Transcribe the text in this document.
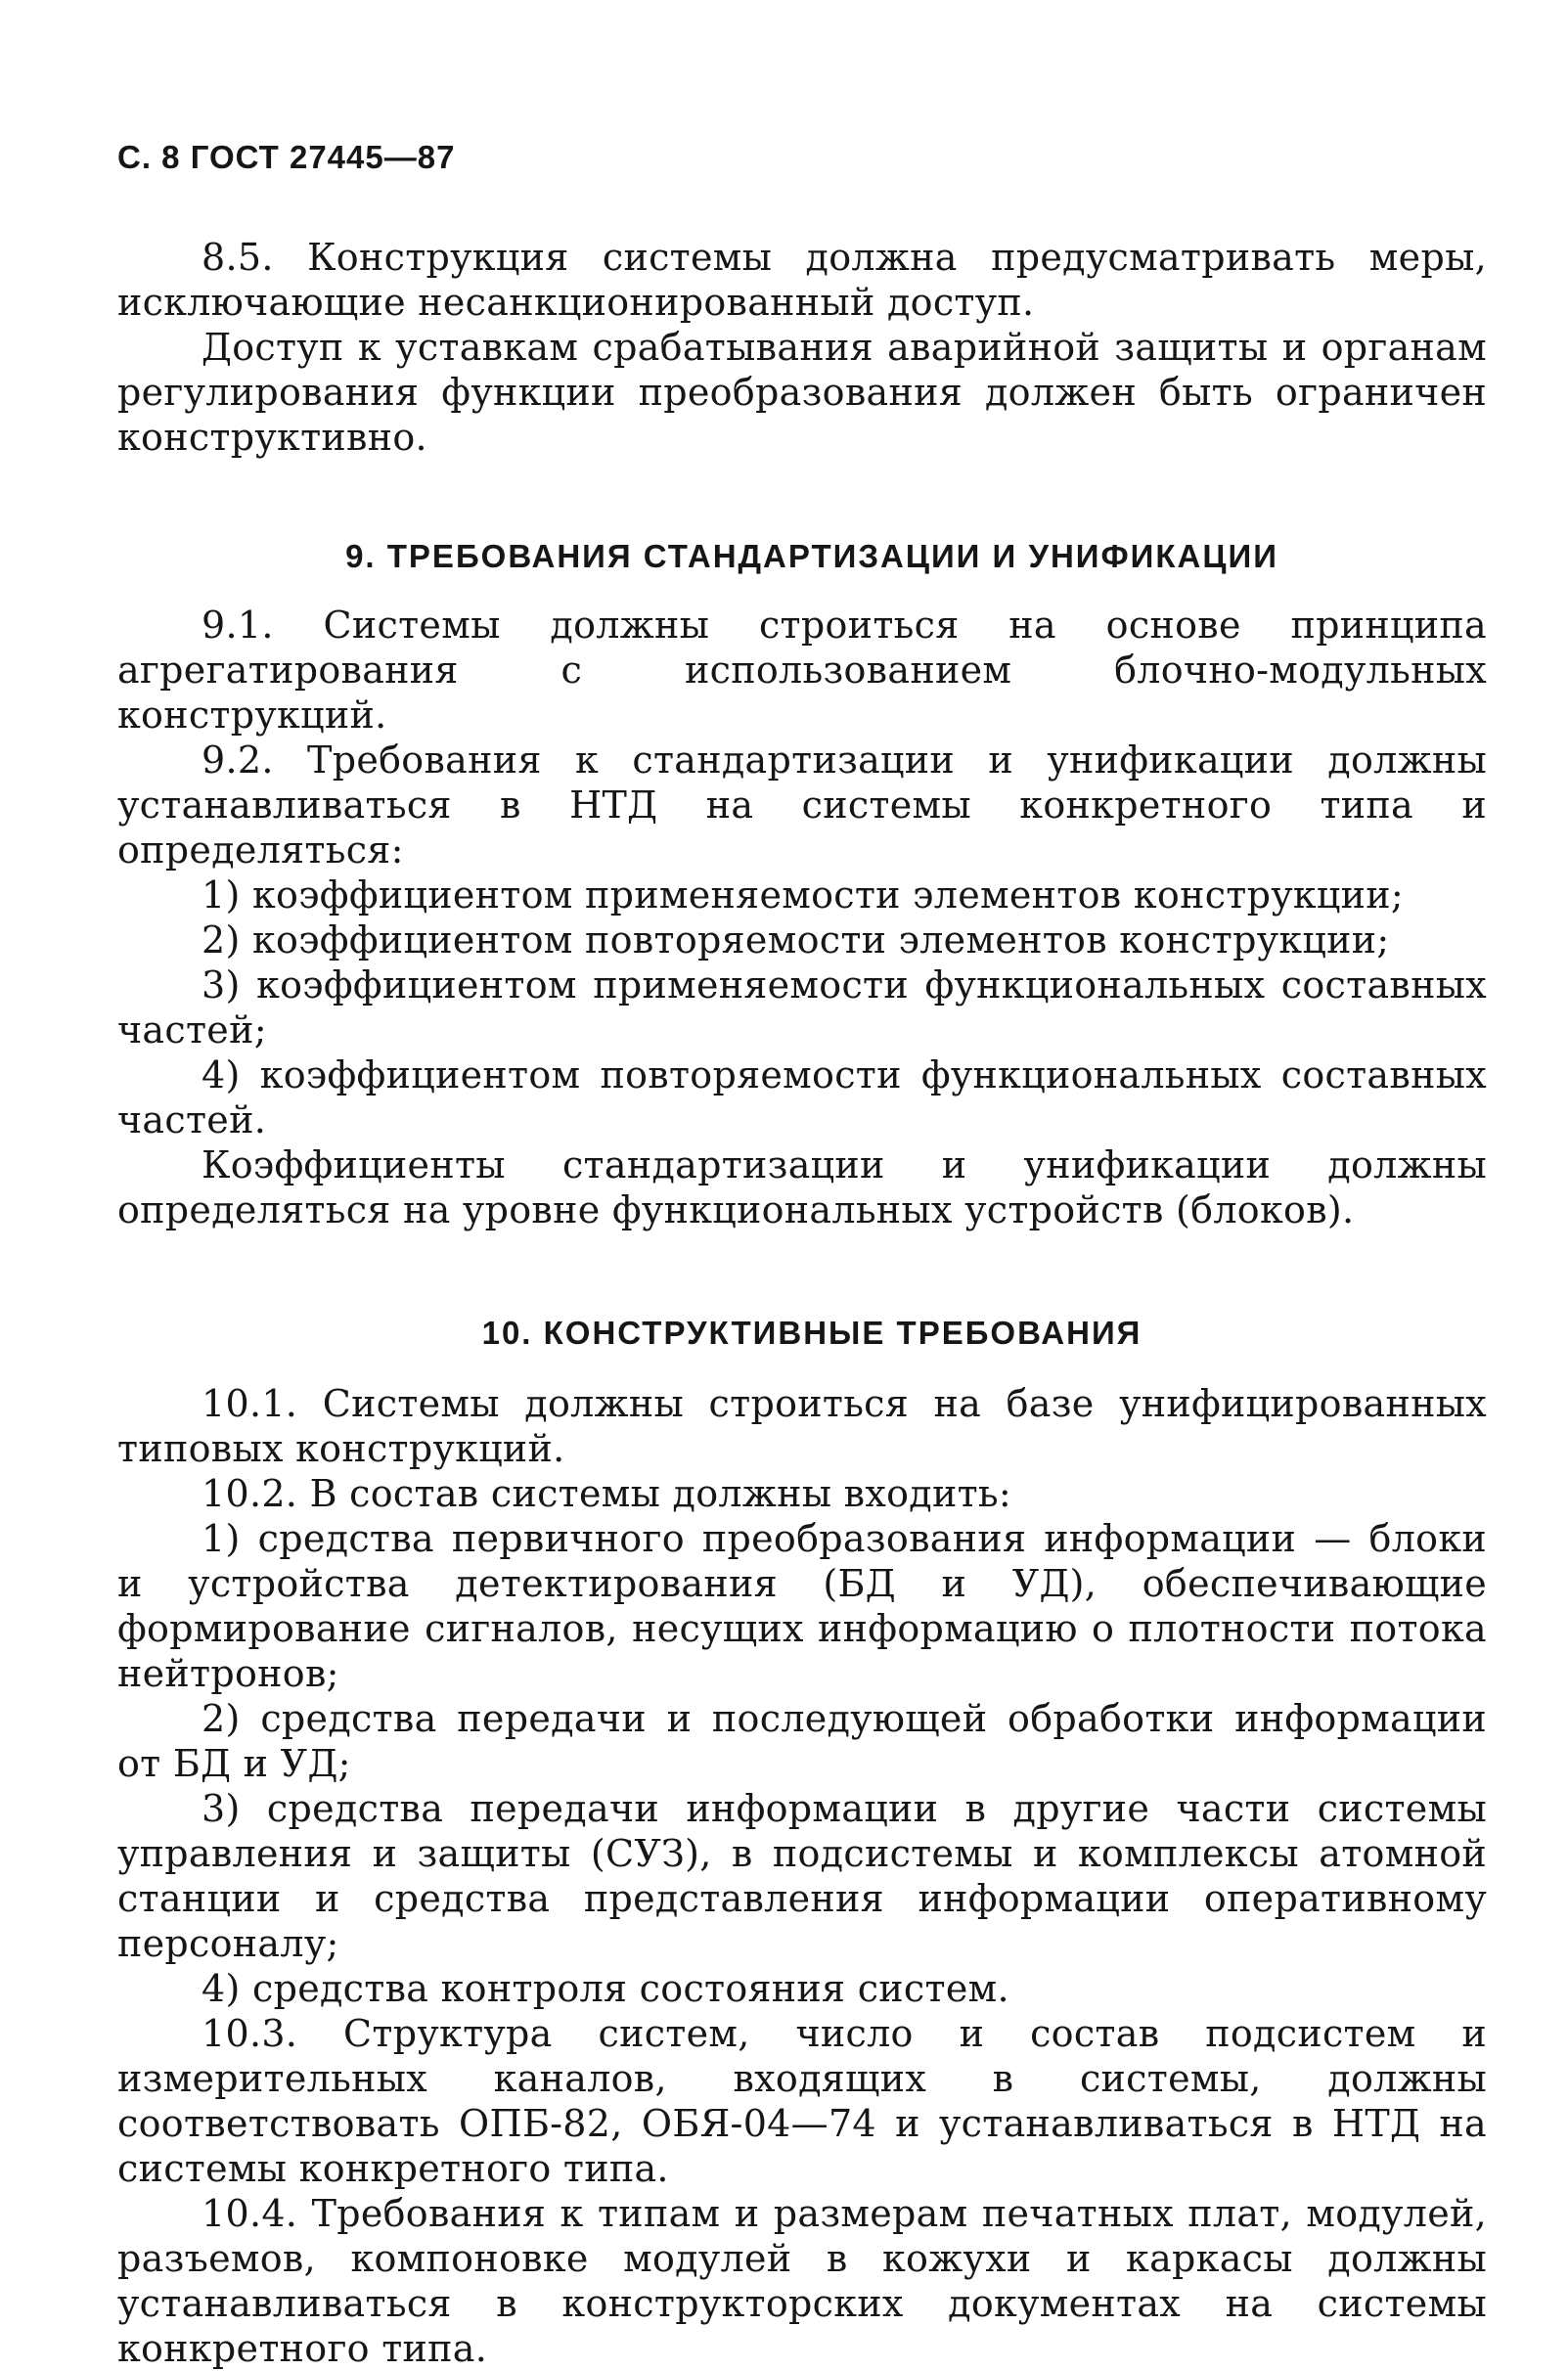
С. 8 ГОСТ 27445—87

8.5. Конструкция системы должна предусматривать меры, исключающие несанкционированный доступ.

Доступ к уставкам срабатывания аварийной защиты и органам регулирования функции преобразования должен быть ограничен конструктивно.

9. ТРЕБОВАНИЯ СТАНДАРТИЗАЦИИ И УНИФИКАЦИИ

9.1. Системы должны строиться на основе принципа агрегатирования с использованием блочно-модульных конструкций.

9.2. Требования к стандартизации и унификации должны устанавливаться в НТД на системы конкретного типа и определяться:

1) коэффициентом применяемости элементов конструкции;

2) коэффициентом повторяемости элементов конструкции;

3) коэффициентом применяемости функциональных составных частей;

4) коэффициентом повторяемости функциональных составных частей.

Коэффициенты стандартизации и унификации должны определяться на уровне функциональных устройств (блоков).

10. КОНСТРУКТИВНЫЕ ТРЕБОВАНИЯ

10.1. Системы должны строиться на базе унифицированных типовых конструкций.

10.2. В состав системы должны входить:

1) средства первичного преобразования информации — блоки и устройства детектирования (БД и УД), обеспечивающие формирование сигналов, несущих информацию о плотности потока нейтронов;

2) средства передачи и последующей обработки информации от БД и УД;

3) средства передачи информации в другие части системы управления и защиты (СУЗ), в подсистемы и комплексы атомной станции и средства представления информации оперативному персоналу;

4) средства контроля состояния систем.

10.3. Структура систем, число и состав подсистем и измерительных каналов, входящих в системы, должны соответствовать ОПБ-82, ОБЯ-04—74 и устанавливаться в НТД на системы конкретного типа.

10.4. Требования к типам и размерам печатных плат, модулей, разъемов, компоновке модулей в кожухи и каркасы должны устанавливаться в конструкторских документах на системы конкретного типа.
